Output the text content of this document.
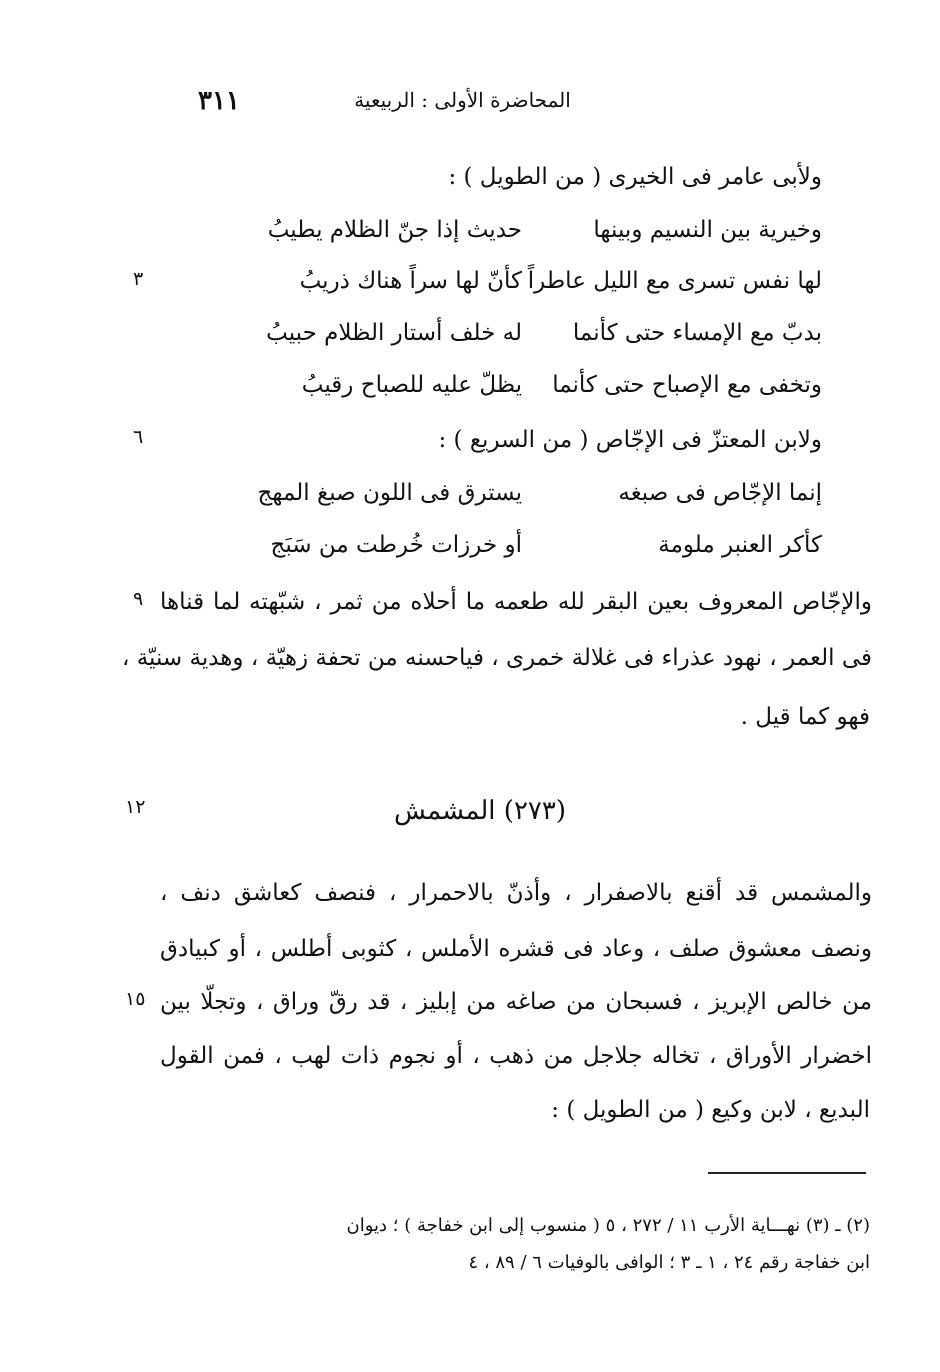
٣١١	المحاضرة الأولى : الربيعية
ولأبى عامر فى الخيرى ( من الطويل ) :
وخيرية بين النسيم وبينها
حديث إذا جنّ الظلام يطيبُ
لها نفس تسرى مع الليل عاطراً
كأنّ لها سراً هناك ذريبُ
بدبّ مع الإمساء حتى كأنما
له خلف أستار الظلام حبيبُ
وتخفى مع الإصباح حتى كأنما
يظلّ عليه للصباح رقيبُ
ولابن المعتزّ فى الإجّاص ( من السريع ) :
إنما الإجّاص فى صبغه
يسترق فى اللون صبغ المهج
كأكر العنبر ملومة
أو خرزات خُرطت من سَبَج
والإجّاص المعروف بعين البقر لله طعمه ما أحلاه من ثمر ، شبّهته لما قناها
فى العمر ، نهود عذراء فى غلالة خمرى ، فياحسنه من تحفة زهيّة ، وهدية سنيّة ،
فهو كما قيل .
(٢٧٣) المشمش
والمشمس قد أقنع بالاصفرار ، وأذنّ بالاحمرار ، فنصف كعاشق دنف ،
ونصف معشوق صلف ، وعاد فى قشره الأملس ، كثوبى أطلس ، أو كبيادق
من خالص الإبريز ، فسبحان من صاغه من إبليز ، قد رقّ وراق ، وتجلّا بين
اخضرار الأوراق ، تخاله جلاجل من ذهب ، أو نجوم ذات لهب ، فمن القول
البديع ، لابن وكيع ( من الطويل ) :
٣
٦
٩
١٢
١٥
(٢) ـ (٣) نهـــاية الأرب ١١ / ٢٧٢ ، ٥ ( منسوب إلى ابن خفاجة ) ؛ ديوان
ابن خفاجة رقم ٢٤ ، ١ ـ ٣ ؛ الوافى بالوفيات ٦ / ٨٩ ، ٤
